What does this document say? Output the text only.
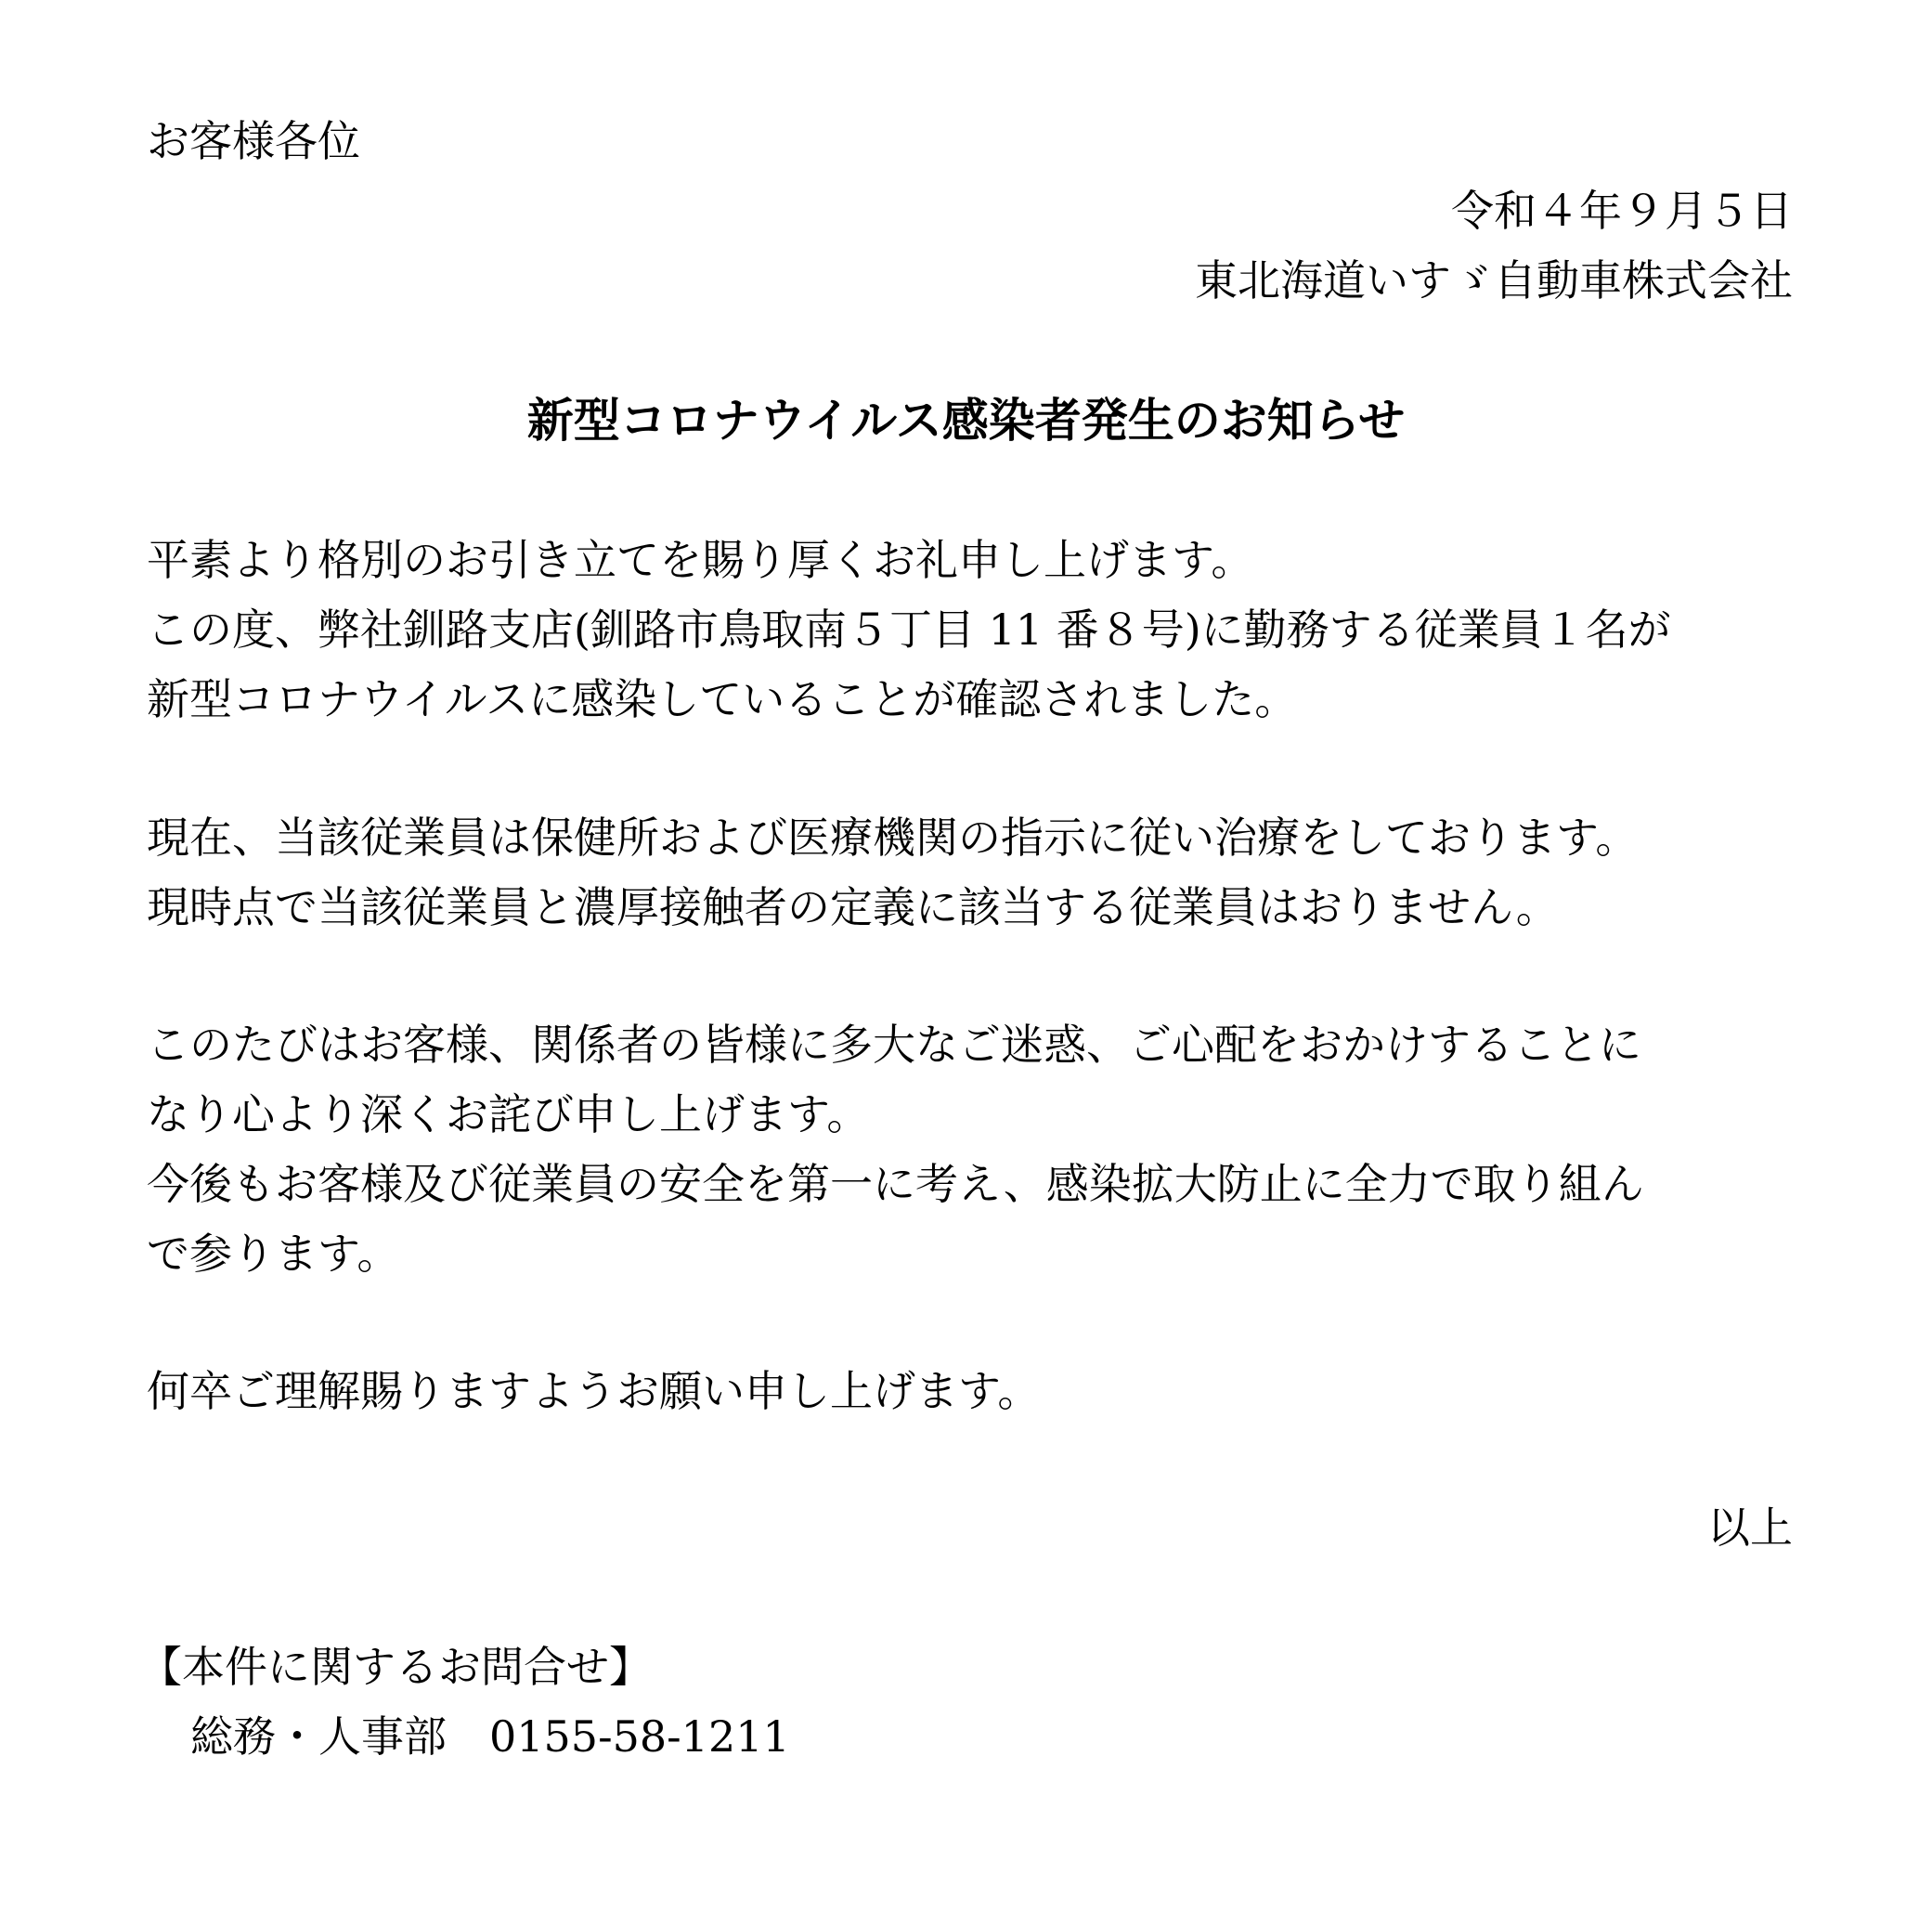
お客様各位
令和４年９月５日
東北海道いすゞ自動車株式会社
新型コロナウイルス感染者発生のお知らせ
平素より格別のお引き立てを賜り厚くお礼申し上げます。
この度、弊社釧路支店(釧路市鳥取南５丁目 11 番８号)に勤務する従業員１名が
新型コロナウイルスに感染していることが確認されました。
現在、当該従業員は保健所および医療機関の指示に従い治療をしております。
現時点で当該従業員と濃厚接触者の定義に該当する従業員はおりません。
このたびはお客様、関係者の皆様に多大なご迷惑、ご心配をおかけすることに
なり心より深くお詫び申し上げます。
今後もお客様及び従業員の安全を第一に考え、感染拡大防止に全力で取り組ん
で参ります。
何卒ご理解賜りますようお願い申し上げます。
以上
【本件に関するお問合せ】
総務・人事部　0155-58-1211
